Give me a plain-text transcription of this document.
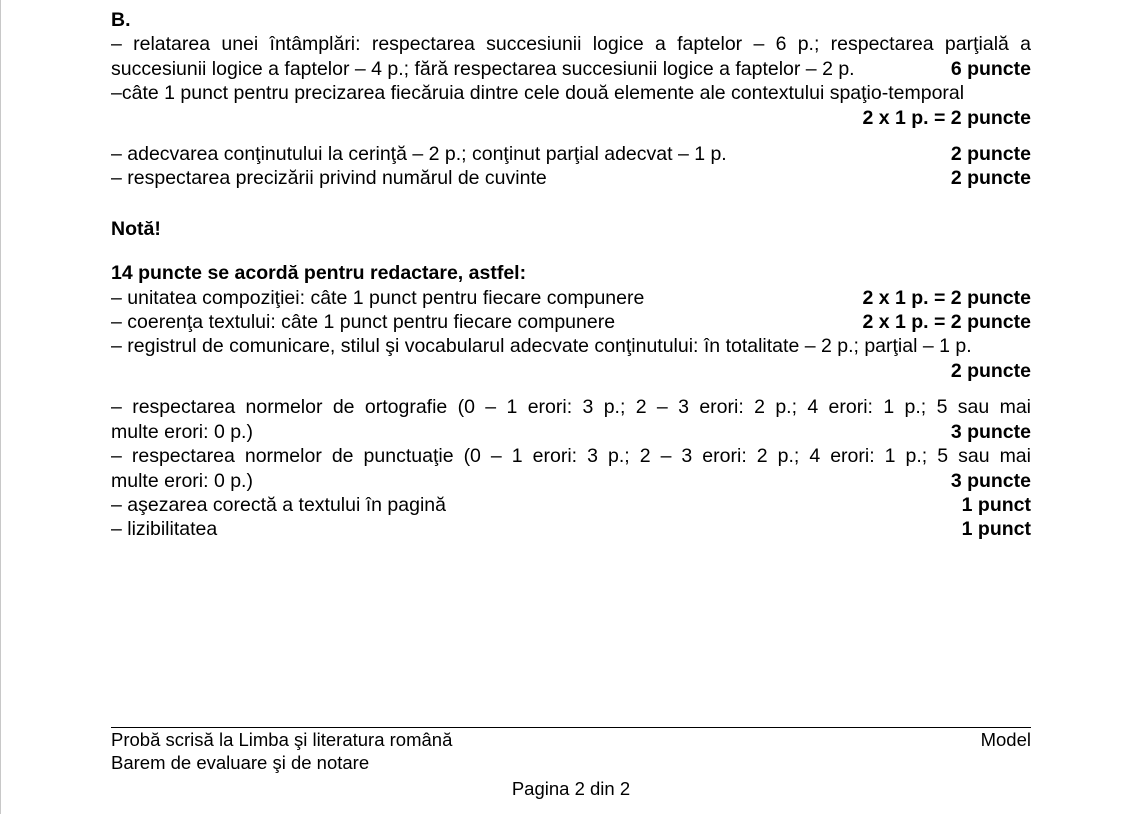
B.
– relatarea unei întâmplări: respectarea succesiunii logice a faptelor – 6 p.; respectarea parţială a
succesiunii logice a faptelor – 4 p.; fără respectarea succesiunii logice a faptelor – 2 p.	6 puncte
–câte 1 punct pentru precizarea fiecăruia dintre cele două elemente ale contextului spaţio-temporal
2 x 1 p. = 2 puncte
– adecvarea conţinutului la cerinţă – 2 p.; conţinut parţial adecvat – 1 p.	2 puncte
– respectarea precizării privind numărul de cuvinte	2 puncte
Notă!
14 puncte se acordă pentru redactare, astfel:
– unitatea compoziţiei: câte 1 punct pentru fiecare compunere	2 x 1 p. = 2 puncte
– coerenţa textului: câte 1 punct pentru fiecare compunere	2 x 1 p. = 2 puncte
– registrul de comunicare, stilul şi vocabularul adecvate conţinutului: în totalitate – 2 p.; parţial – 1 p.
2 puncte
– respectarea normelor de ortografie (0 – 1 erori: 3 p.; 2 – 3 erori: 2 p.; 4 erori: 1 p.; 5 sau mai
multe erori: 0 p.)	3 puncte
– respectarea normelor de punctuaţie (0 – 1 erori: 3 p.; 2 – 3 erori: 2 p.; 4 erori: 1 p.; 5 sau mai
multe erori: 0 p.)	3 puncte
– aşezarea corectă a textului în pagină	1 punct
– lizibilitatea	1 punct
Probă scrisă la Limba şi literatura română	Model
Barem de evaluare şi de notare
Pagina 2 din 2
